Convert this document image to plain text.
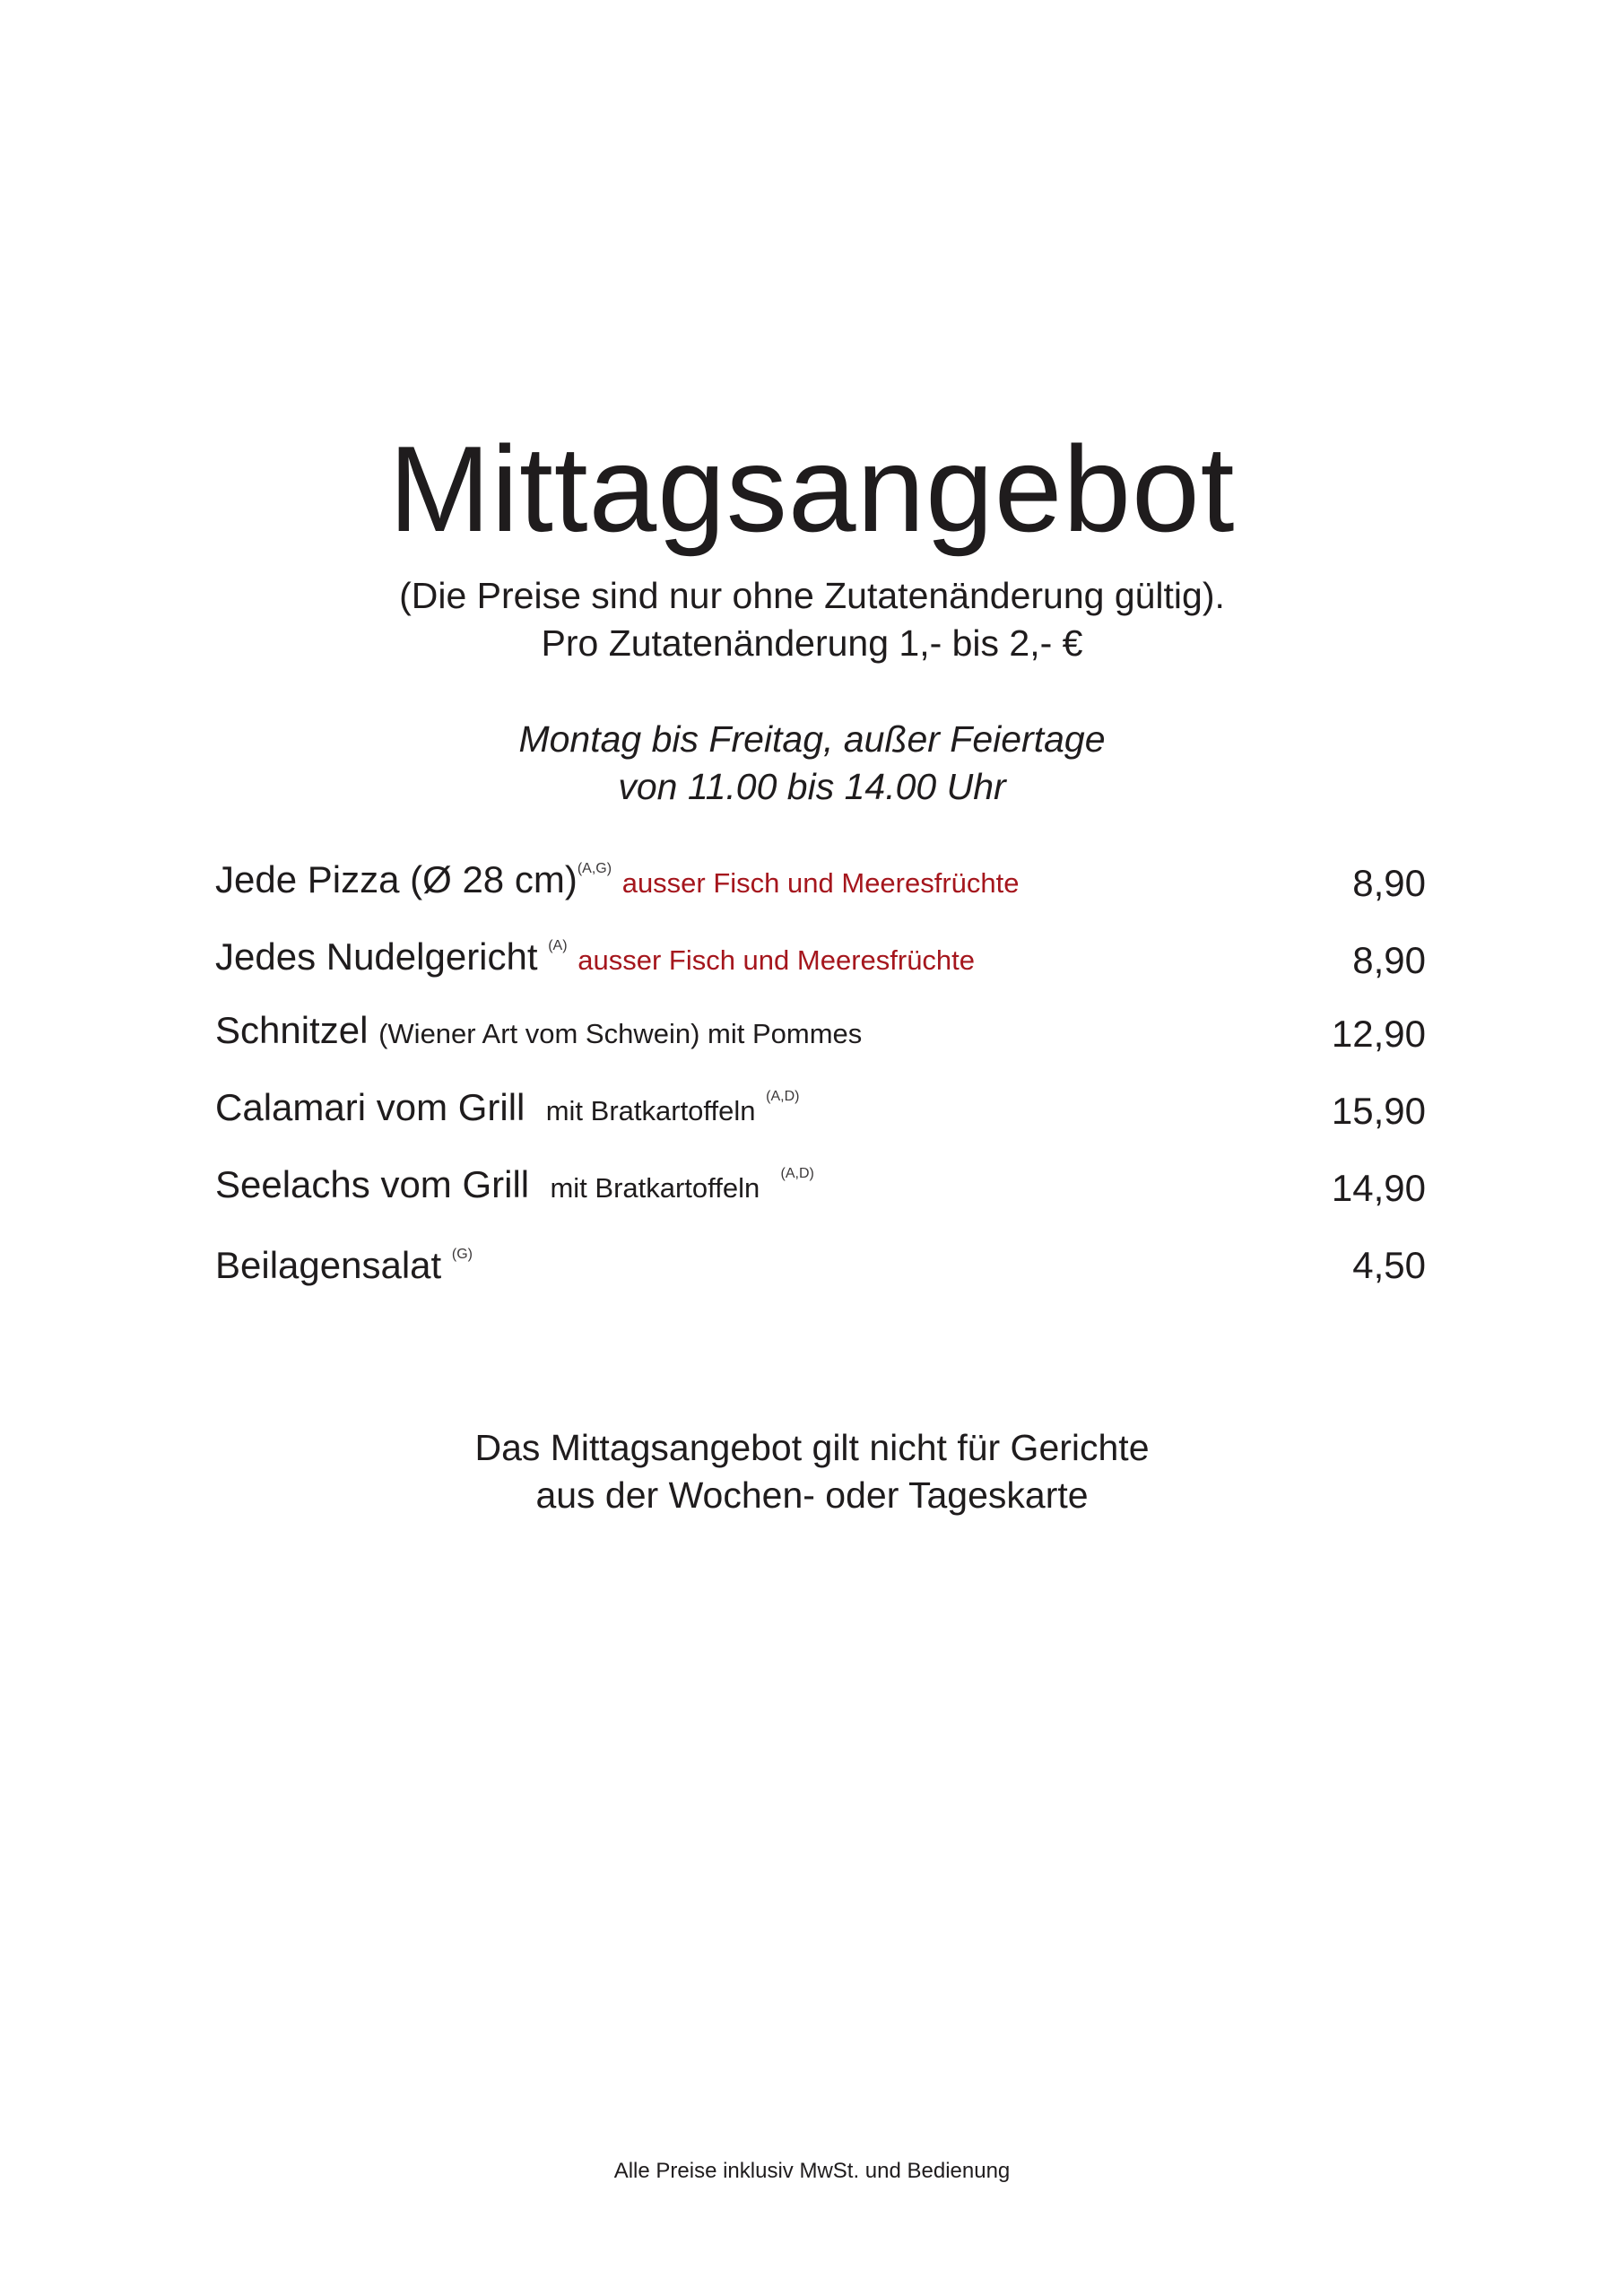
Mittagsangebot
(Die Preise sind nur ohne Zutatenänderung gültig).
Pro Zutatenänderung 1,- bis 2,- €
Montag bis Freitag, außer Feiertage
von 11.00 bis 14.00 Uhr
Jede Pizza (Ø 28 cm)$^{(A,G)}$ ausser Fisch und Meeresfrüchte	8,90
Jedes Nudelgericht $^{(A)}$ ausser Fisch und Meeresfrüchte	8,90
Schnitzel (Wiener Art vom Schwein) mit Pommes	12,90
Calamari vom Grill mit Bratkartoffeln $^{(A,D)}$	15,90
Seelachs vom Grill mit Bratkartoffeln $^{(A,D)}$	14,90
Beilagensalat $^{(G)}$	4,50
Das Mittagsangebot gilt nicht für Gerichte
aus der Wochen- oder Tageskarte
Alle Preise inklusiv MwSt. und Bedienung
